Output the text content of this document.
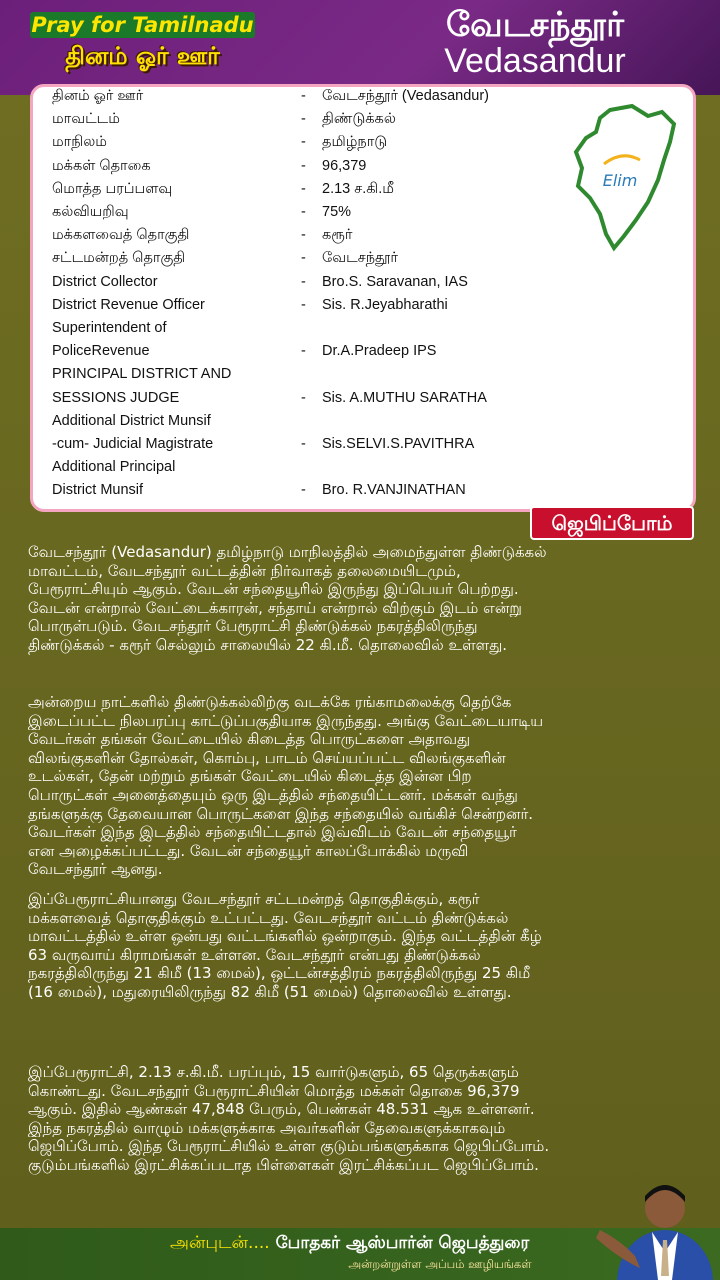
Pray for Tamilnadu
தினம் ஓர் ஊர்
வேடசந்தூர்
Vedasandur
தினம் ஓர் ஊர்	- வேடசந்தூர் (Vedasandur)
மாவட்டம்	- திண்டுக்கல்
மாநிலம்	- தமிழ்நாடு
மக்கள் தொகை	- 96,379
மொத்த பரப்பளவு	- 2.13 ச.கி.மீ
கல்வியறிவு	- 75%
மக்களவைத் தொகுதி	- கரூர்
சட்டமன்றத் தொகுதி	- வேடசந்தூர்
District Collector	- Bro.S. Saravanan, IAS
District Revenue Officer	- Sis. R.Jeyabharathi
Superintendent of
PoliceRevenue	- Dr.A.Pradeep IPS
PRINCIPAL DISTRICT AND
SESSIONS JUDGE	- Sis. A.MUTHU SARATHA
Additional District Munsif
-cum- Judicial Magistrate	- Sis.SELVI.S.PAVITHRA
Additional Principal
District Munsif	- Bro. R.VANJINATHAN
Elim
ஜெபிப்போம்
வேடசந்தூர் (Vedasandur) தமிழ்நாடு மாநிலத்தில் அமைந்துள்ள திண்டுக்கல்
மாவட்டம், வேடசந்தூர் வட்டத்தின் நிர்வாகத் தலைமையிடமும்,
பேரூராட்சியும் ஆகும். வேடன் சந்தையூரில் இருந்து இப்பெயர் பெற்றது.
வேடன் என்றால் வேட்டைக்காரன், சந்தாய் என்றால் விற்கும் இடம் என்று
பொருள்படும். வேடசந்தூர் பேரூராட்சி திண்டுக்கல் நகரத்திலிருந்து
திண்டுக்கல் - கரூர் செல்லும் சாலையில் 22 கி.மீ. தொலைவில் உள்ளது.
அன்றைய நாட்களில் திண்டுக்கல்லிற்கு வடக்கே ரங்காமலைக்கு தெற்கே
இடைப்பட்ட நிலபரப்பு காட்டுப்பகுதியாக இருந்தது. அங்கு வேட்டையாடிய
வேடர்கள் தங்கள் வேட்டையில் கிடைத்த பொருட்களை அதாவது
விலங்குகளின் தோல்கள், கொம்பு, பாடம் செய்யப்பட்ட விலங்குகளின்
உடல்கள், தேன் மற்றும் தங்கள் வேட்டையில் கிடைத்த இன்ன பிற
பொருட்கள் அனைத்தையும் ஒரு இடத்தில் சந்தையிட்டனர். மக்கள் வந்து
தங்களுக்கு தேவையான பொருட்களை இந்த சந்தையில் வங்கிச் சென்றனர்.
வேடர்கள் இந்த இடத்தில் சந்தையிட்டதால் இவ்விடம் வேடன் சந்தையூர்
என அழைக்கப்பட்டது. வேடன் சந்தையூர் காலப்போக்கில் மருவி
வேடசந்தூர் ஆனது.
இப்பேரூராட்சியானது வேடசந்தூர் சட்டமன்றத் தொகுதிக்கும், கரூர்
மக்களவைத் தொகுதிக்கும் உட்பட்டது. வேடசந்தூர் வட்டம் திண்டுக்கல்
மாவட்டத்தில் உள்ள ஒன்பது வட்டங்களில் ஒன்றாகும். இந்த வட்டத்தின் கீழ்
63 வருவாய் கிராமங்கள் உள்ளன. வேடசந்தூர் என்பது திண்டுக்கல்
நகரத்திலிருந்து 21 கிமீ (13 மைல்), ஒட்டன்சத்திரம் நகரத்திலிருந்து 25 கிமீ
(16 மைல்), மதுரையிலிருந்து 82 கிமீ (51 மைல்) தொலைவில் உள்ளது.
இப்பேரூராட்சி, 2.13 ச.கி.மீ. பரப்பும், 15 வார்டுகளும், 65 தெருக்களும்
கொண்டது. வேடசந்தூர் பேரூராட்சியின் மொத்த மக்கள் தொகை 96,379
ஆகும். இதில் ஆண்கள் 47,848 பேரும், பெண்கள் 48.531 ஆக உள்ளனர்.
இந்த நகரத்தில் வாழும் மக்களுக்காக அவர்களின் தேவைகளுக்காகவும்
ஜெபிப்போம். இந்த பேரூராட்சியில் உள்ள குடும்பங்களுக்காக ஜெபிப்போம்.
குடும்பங்களில் இரட்சிக்கப்படாத பிள்ளைகள் இரட்சிக்கப்பட ஜெபிப்போம்.
அன்புடன்.... போதகர் ஆஸ்பார்ன் ஜெபத்துரை
அன்றன்றுள்ள அப்பம் ஊழியங்கள்
